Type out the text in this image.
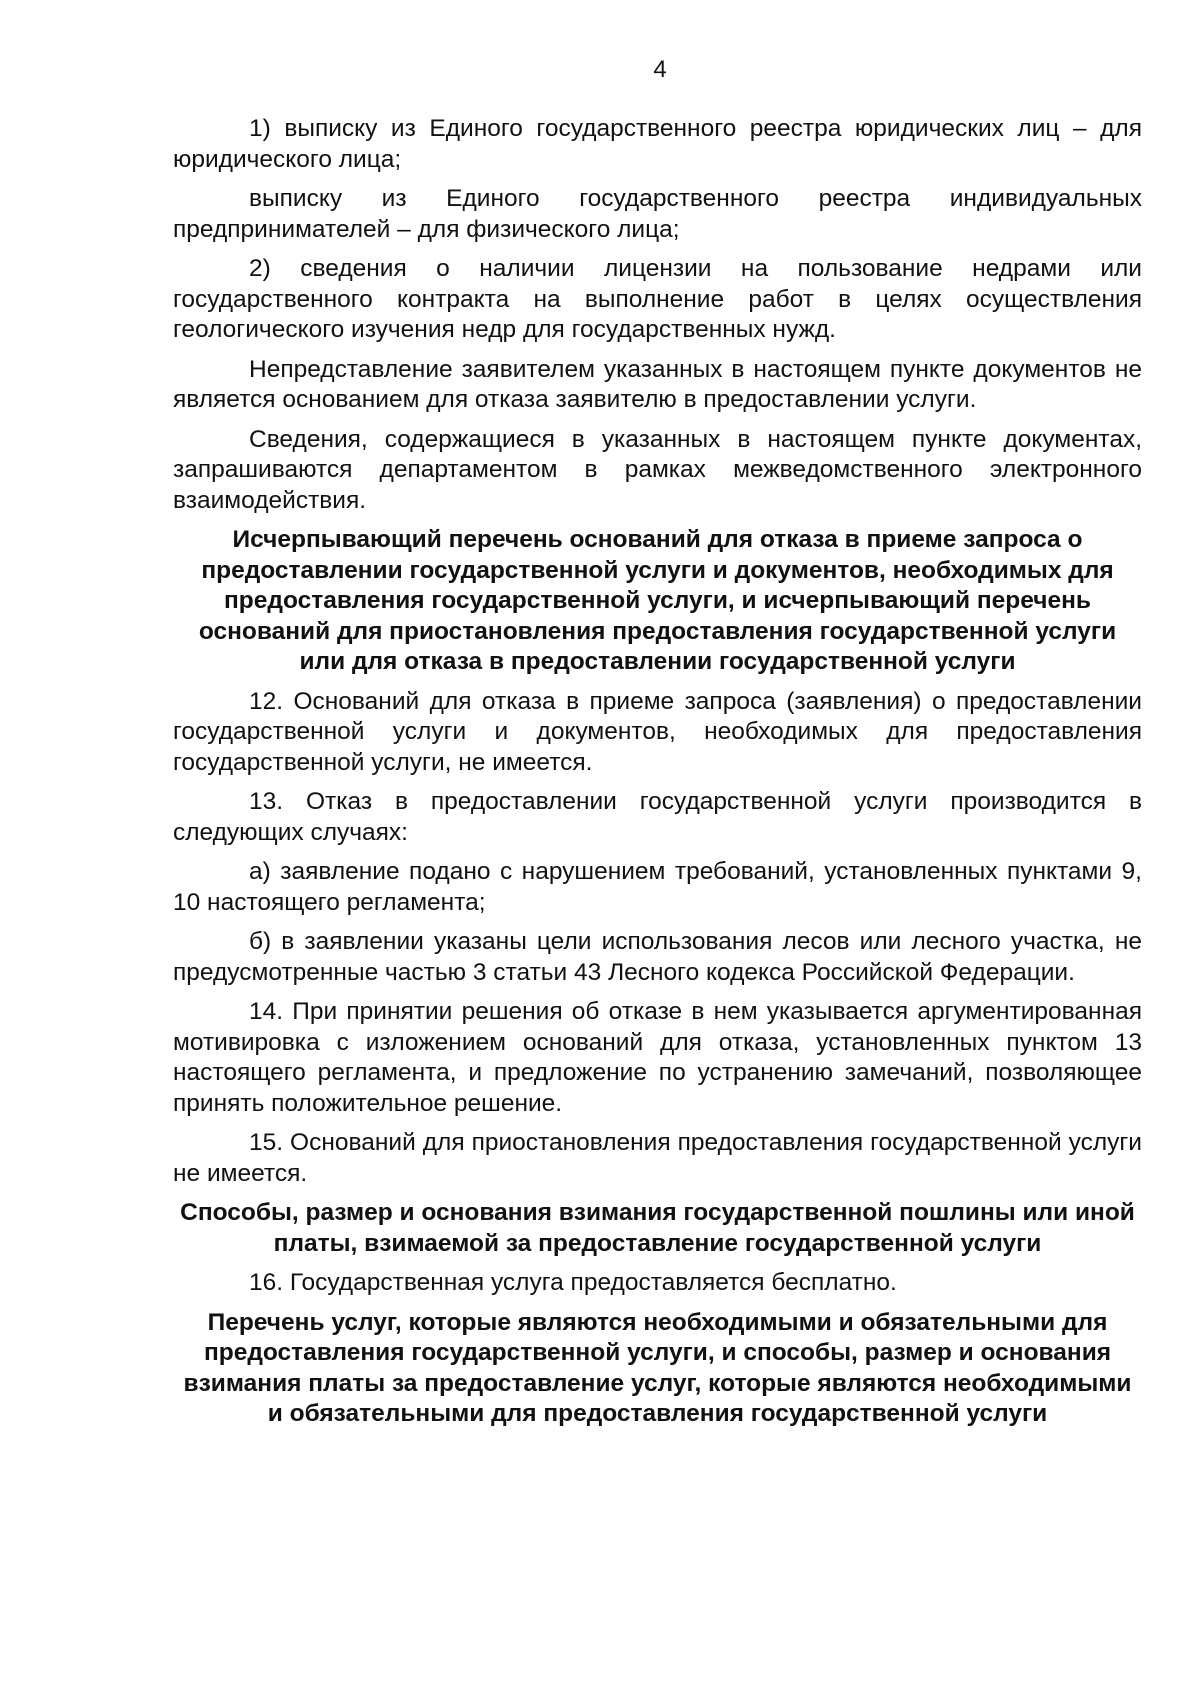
4

1) выписку из Единого государственного реестра юридических лиц – для юридического лица;

выписку из Единого государственного реестра индивидуальных предпринимателей – для физического лица;

2) сведения о наличии лицензии на пользование недрами или государственного контракта на выполнение работ в целях осуществления геологического изучения недр для государственных нужд.

Непредставление заявителем указанных в настоящем пункте документов не является основанием для отказа заявителю в предоставлении услуги.

Сведения, содержащиеся в указанных в настоящем пункте документах, запрашиваются департаментом в рамках межведомственного электронного взаимодействия.

Исчерпывающий перечень оснований для отказа в приеме запроса о предоставлении государственной услуги и документов, необходимых для предоставления государственной услуги, и исчерпывающий перечень оснований для приостановления предоставления государственной услуги или для отказа в предоставлении государственной услуги

12. Оснований для отказа в приеме запроса (заявления) о предоставлении государственной услуги и документов, необходимых для предоставления государственной услуги, не имеется.

13. Отказ в предоставлении государственной услуги производится в следующих случаях:

а) заявление подано с нарушением требований, установленных пунктами 9, 10 настоящего регламента;

б) в заявлении указаны цели использования лесов или лесного участка, не предусмотренные частью 3 статьи 43 Лесного кодекса Российской Федерации.

14. При принятии решения об отказе в нем указывается аргументированная мотивировка с изложением оснований для отказа, установленных пунктом 13 настоящего регламента, и предложение по устранению замечаний, позволяющее принять положительное решение.

15. Оснований для приостановления предоставления государственной услуги не имеется.

Способы, размер и основания взимания государственной пошлины или иной платы, взимаемой за предоставление государственной услуги

16. Государственная услуга предоставляется бесплатно.

Перечень услуг, которые являются необходимыми и обязательными для предоставления государственной услуги, и способы, размер и основания взимания платы за предоставление услуг, которые являются необходимыми и обязательными для предоставления государственной услуги
